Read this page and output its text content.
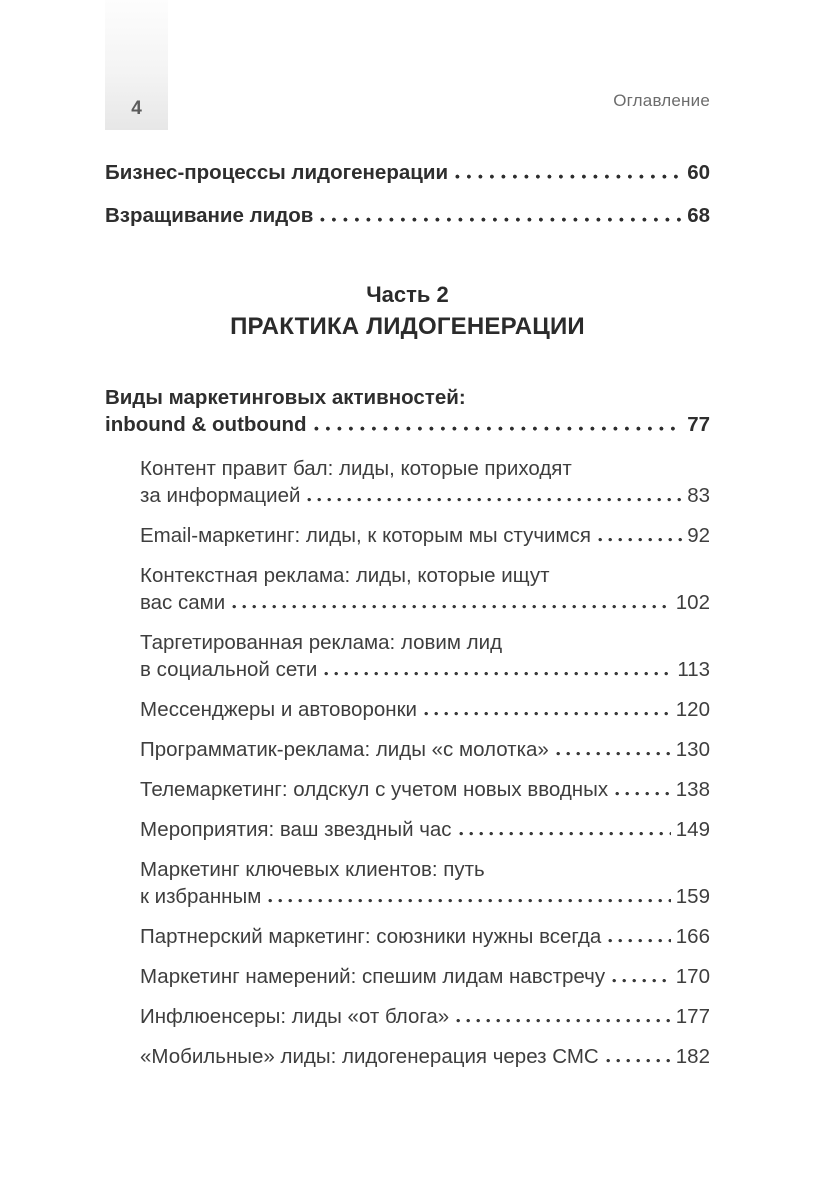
4	Оглавление
Бизнес-процессы лидогенерации	60
Взращивание лидов	68
Часть 2
ПРАКТИКА ЛИДОГЕНЕРАЦИИ
Виды маркетинговых активностей:
inbound & outbound	77
Контент правит бал: лиды, которые приходят
за информацией	83
Email-маркетинг: лиды, к которым мы стучимся	92
Контекстная реклама: лиды, которые ищут
вас сами	102
Таргетированная реклама: ловим лид
в социальной сети	113
Мессенджеры и автоворонки	120
Программатик-реклама: лиды «с молотка»	130
Телемаркетинг: олдскул с учетом новых вводных	138
Мероприятия: ваш звездный час	149
Маркетинг ключевых клиентов: путь
к избранным	159
Партнерский маркетинг: союзники нужны всегда	166
Маркетинг намерений: спешим лидам навстречу	170
Инфлюенсеры: лиды «от блога»	177
«Мобильные» лиды: лидогенерация через СМС	182
